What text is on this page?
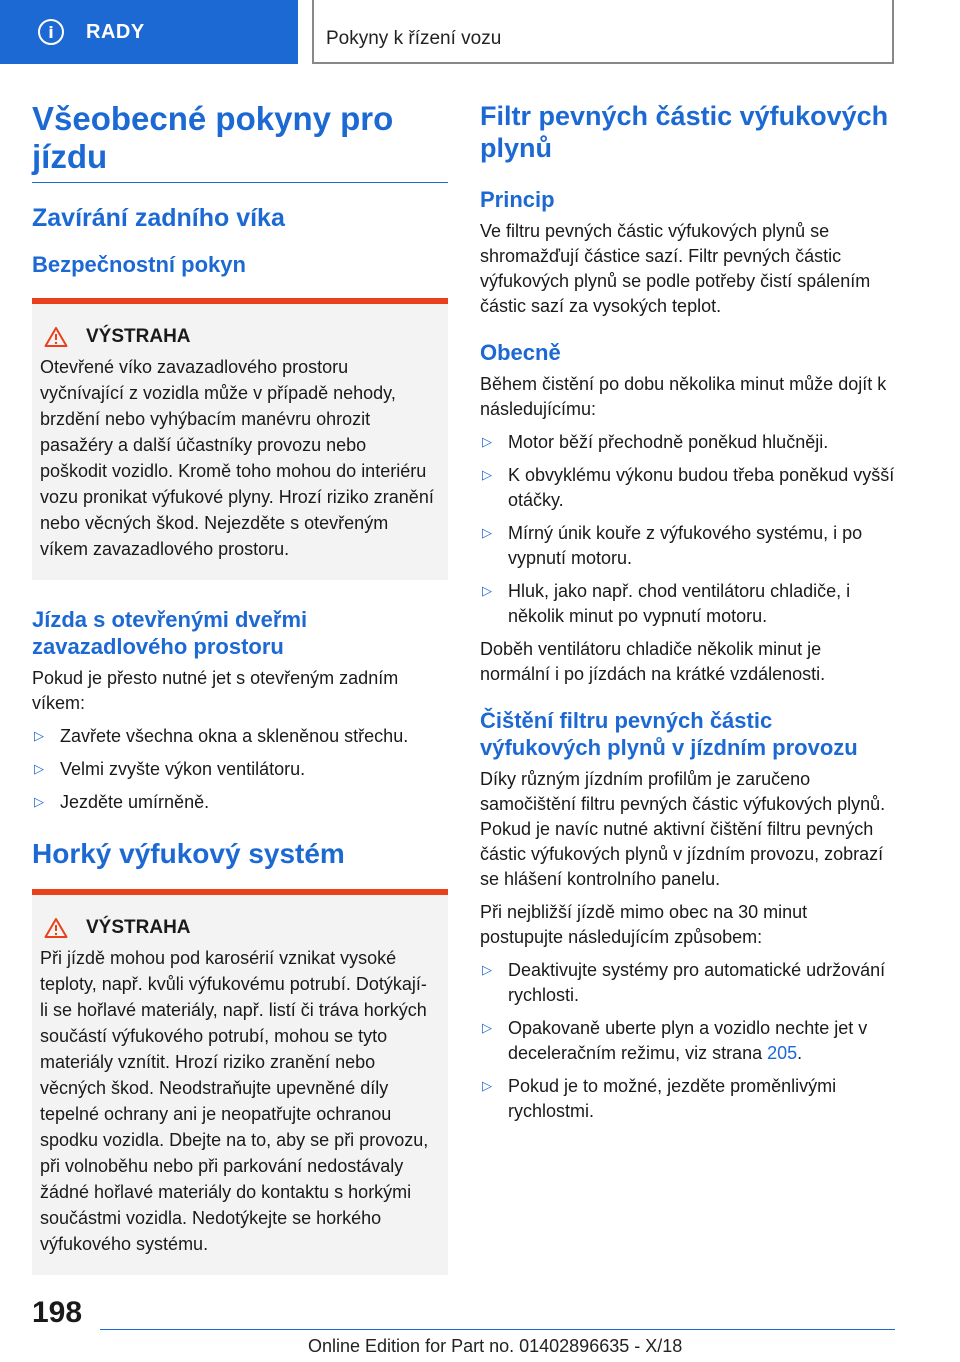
i	RADY	Pokyny k řízení vozu
Všeobecné pokyny pro jízdu
Zavírání zadního víka
Bezpečnostní pokyn
VÝSTRAHA

Otevřené víko zavazadlového prostoru vyčnívající z vozidla může v případě nehody, brzdění nebo vyhýbacím manévru ohrozit pasažéry a další účastníky provozu nebo poškodit vozidlo. Kromě toho mohou do interiéru vozu pronikat výfukové plyny. Hrozí riziko zranění nebo věcných škod. Nejezděte s otevřeným víkem zavazadlového prostoru.

Jízda s otevřenými dveřmi zavazadlového prostoru

Pokud je přesto nutné jet s otevřeným zadním víkem:

▷ Zavřete všechna okna a skleněnou střechu.
▷ Velmi zvyšte výkon ventilátoru.
▷ Jezděte umírněně.
Horký výfukový systém
VÝSTRAHA

Při jízdě mohou pod karosérií vznikat vysoké teploty, např. kvůli výfukovému potrubí. Dotýkají-li se hořlavé materiály, např. listí či tráva horkých součástí výfukového potrubí, mohou se tyto materiály vznítit. Hrozí riziko zranění nebo věcných škod. Neodstraňujte upevněné díly tepelné ochrany ani je neopatřujte ochranou spodku vozidla. Dbejte na to, aby se při provozu, při volnoběhu nebo při parkování nedostávaly žádné hořlavé materiály do kontaktu s horkými součástmi vozidla. Nedotýkejte se horkého výfukového systému.

Filtr pevných částic výfukových plynů
Princip

Ve filtru pevných částic výfukových plynů se shromažďují částice sazí. Filtr pevných částic výfukových plynů se podle potřeby čistí spálením částic sazí za vysokých teplot.

Obecně

Během čistění po dobu několika minut může dojít k následujícímu:

▷ Motor běží přechodně poněkud hlučněji.
▷ K obvyklému výkonu budou třeba poněkud vyšší otáčky.
▷ Mírný únik kouře z výfukového systému, i po vypnutí motoru.
▷ Hluk, jako např. chod ventilátoru chladiče, i několik minut po vypnutí motoru.

Doběh ventilátoru chladiče několik minut je normální i po jízdách na krátké vzdálenosti.

Čištění filtru pevných částic výfukových plynů v jízdním provozu

Díky různým jízdním profilům je zaručeno samočištění filtru pevných částic výfukových plynů. Pokud je navíc nutné aktivní čištění filtru pevných částic výfukových plynů v jízdním provozu, zobrazí se hlášení kontrolního panelu.

Při nejbližší jízdě mimo obec na 30 minut postupujte následujícím způsobem:

▷ Deaktivujte systémy pro automatické udržování rychlosti.
▷ Opakovaně uberte plyn a vozidlo nechte jet v deceleračním režimu, viz strana 205.
▷ Pokud je to možné, jezděte proměnlivými rychlostmi.
198
Online Edition for Part no. 01402896635 - X/18
